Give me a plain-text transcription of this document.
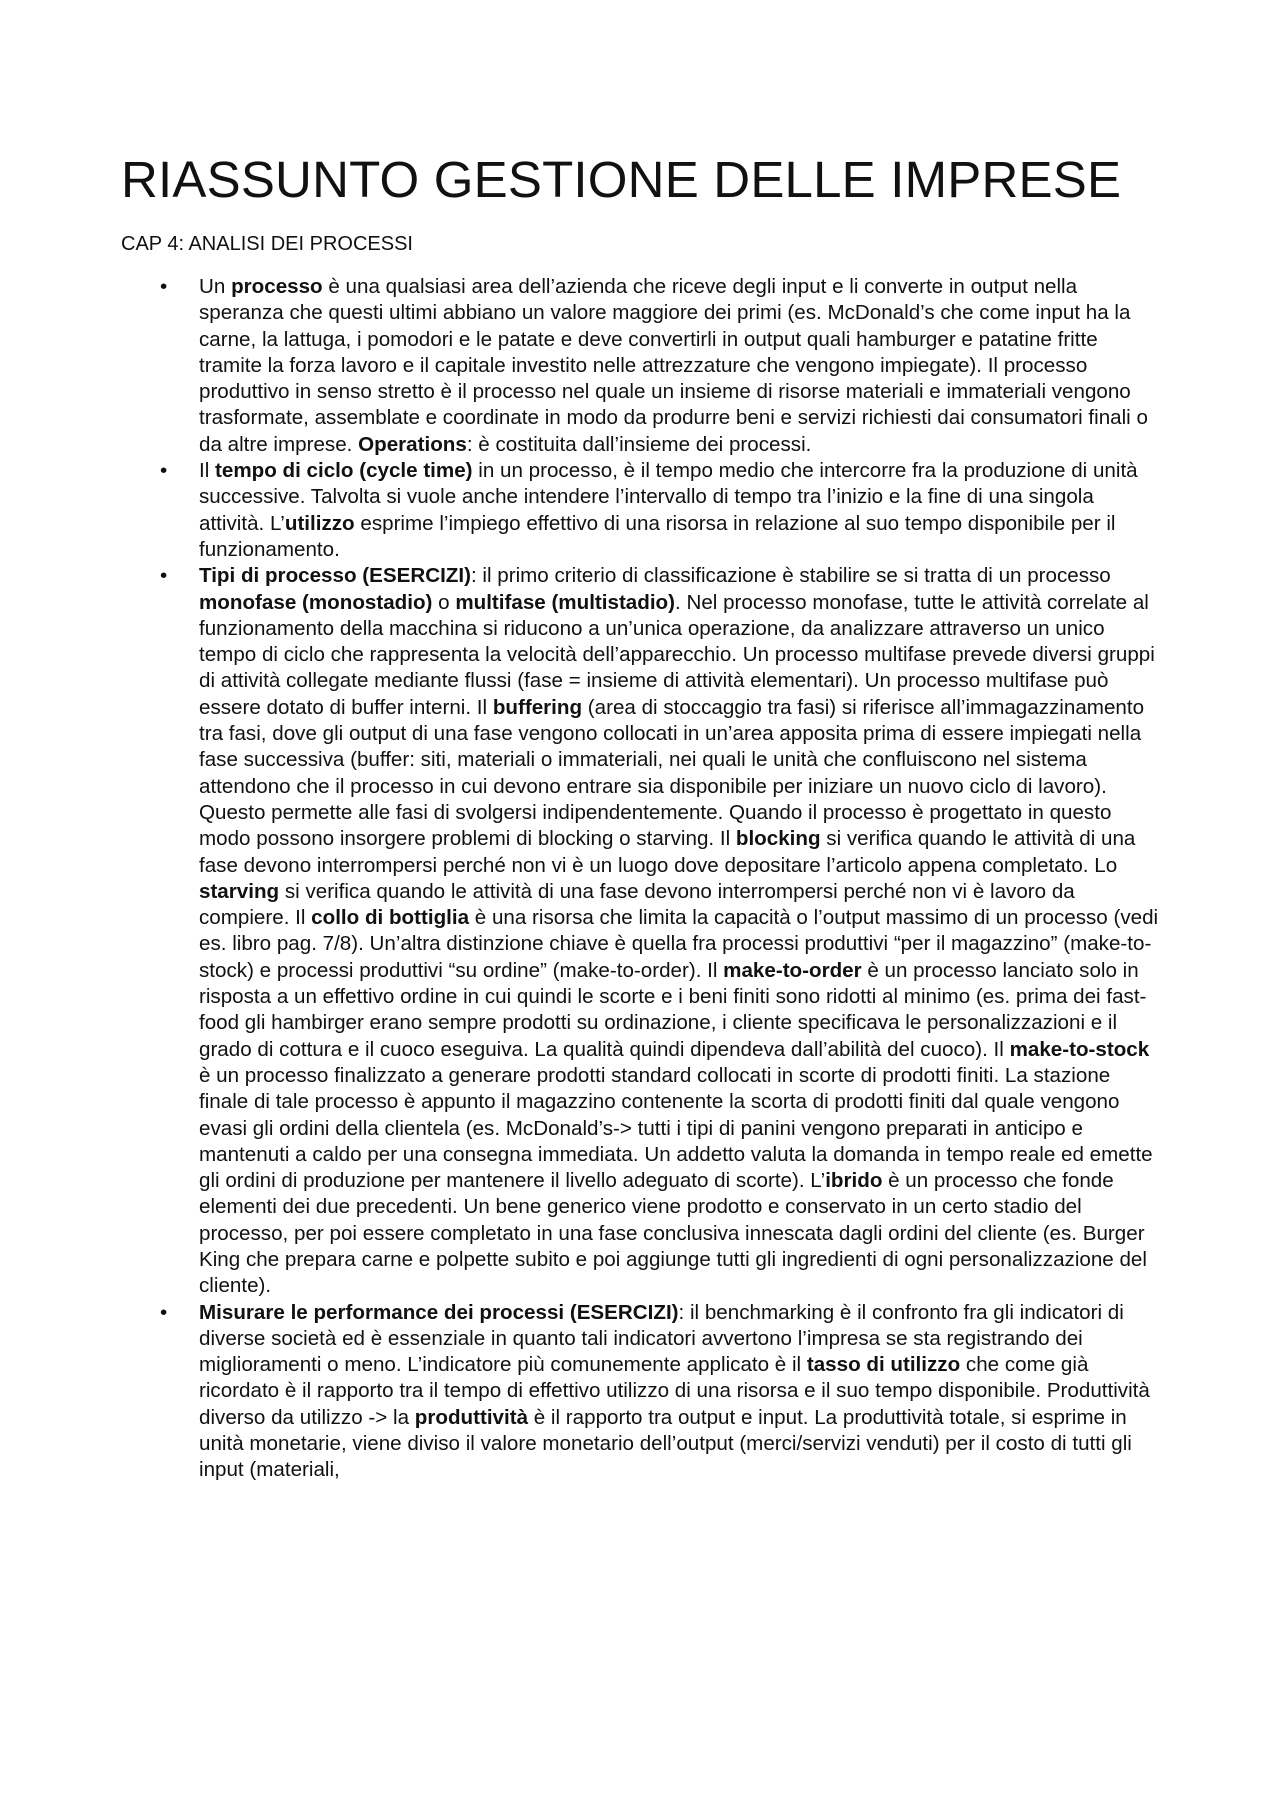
RIASSUNTO GESTIONE DELLE IMPRESE
CAP 4: ANALISI DEI PROCESSI
• Un processo è una qualsiasi area dell’azienda che riceve degli input e li converte in output nella speranza che questi ultimi abbiano un valore maggiore dei primi (es. McDonald’s che come input ha la carne, la lattuga, i pomodori e le patate e deve convertirli in output quali hamburger e patatine fritte tramite la forza lavoro e il capitale investito nelle attrezzature che vengono impiegate). Il processo produttivo in senso stretto è il processo nel quale un insieme di risorse materiali e immateriali vengono trasformate, assemblate e coordinate in modo da produrre beni e servizi richiesti dai consumatori finali o da altre imprese. Operations: è costituita dall’insieme dei processi.
• Il tempo di ciclo (cycle time) in un processo, è il tempo medio che intercorre fra la produzione di unità successive. Talvolta si vuole anche intendere l’intervallo di tempo tra l’inizio e la fine di una singola attività. L’utilizzo esprime l’impiego effettivo di una risorsa in relazione al suo tempo disponibile per il funzionamento.
• Tipi di processo (ESERCIZI): il primo criterio di classificazione è stabilire se si tratta di un processo monofase (monostadio) o multifase (multistadio). Nel processo monofase, tutte le attività correlate al funzionamento della macchina si riducono a un’unica operazione, da analizzare attraverso un unico tempo di ciclo che rappresenta la velocità dell’apparecchio. Un processo multifase prevede diversi gruppi di attività collegate mediante flussi (fase = insieme di attività elementari). Un processo multifase può essere dotato di buffer interni. Il buffering (area di stoccaggio tra fasi) si riferisce all’immagazzinamento tra fasi, dove gli output di una fase vengono collocati in un’area apposita prima di essere impiegati nella fase successiva (buffer: siti, materiali o immateriali, nei quali le unità che confluiscono nel sistema attendono che il processo in cui devono entrare sia disponibile per iniziare un nuovo ciclo di lavoro). Questo permette alle fasi di svolgersi indipendentemente. Quando il processo è progettato in questo modo possono insorgere problemi di blocking o starving. Il blocking si verifica quando le attività di una fase devono interrompersi perché non vi è un luogo dove depositare l’articolo appena completato. Lo starving si verifica quando le attività di una fase devono interrompersi perché non vi è lavoro da compiere. Il collo di bottiglia è una risorsa che limita la capacità o l’output massimo di un processo (vedi es. libro pag. 7/8). Un’altra distinzione chiave è quella fra processi produttivi “per il magazzino” (make-to-stock) e processi produttivi “su ordine” (make-to-order). Il make-to-order è un processo lanciato solo in risposta a un effettivo ordine in cui quindi le scorte e i beni finiti sono ridotti al minimo (es. prima dei fast-food gli hambirger erano sempre prodotti su ordinazione, i cliente specificava le personalizzazioni e il grado di cottura e il cuoco eseguiva. La qualità quindi dipendeva dall’abilità del cuoco). Il make-to-stock è un processo finalizzato a generare prodotti standard collocati in scorte di prodotti finiti. La stazione finale di tale processo è appunto il magazzino contenente la scorta di prodotti finiti dal quale vengono evasi gli ordini della clientela (es. McDonald’s-> tutti i tipi di panini vengono preparati in anticipo e mantenuti a caldo per una consegna immediata. Un addetto valuta la domanda in tempo reale ed emette gli ordini di produzione per mantenere il livello adeguato di scorte). L’ibrido è un processo che fonde elementi dei due precedenti. Un bene generico viene prodotto e conservato in un certo stadio del processo, per poi essere completato in una fase conclusiva innescata dagli ordini del cliente (es. Burger King che prepara carne e polpette subito e poi aggiunge tutti gli ingredienti di ogni personalizzazione del cliente).
• Misurare le performance dei processi (ESERCIZI): il benchmarking è il confronto fra gli indicatori di diverse società ed è essenziale in quanto tali indicatori avvertono l’impresa se sta registrando dei miglioramenti o meno. L’indicatore più comunemente applicato è il tasso di utilizzo che come già ricordato è il rapporto tra il tempo di effettivo utilizzo di una risorsa e il suo tempo disponibile. Produttività diverso da utilizzo -> la produttività è il rapporto tra output e input. La produttività totale, si esprime in unità monetarie, viene diviso il valore monetario dell’output (merci/servizi venduti) per il costo di tutti gli input (materiali,
